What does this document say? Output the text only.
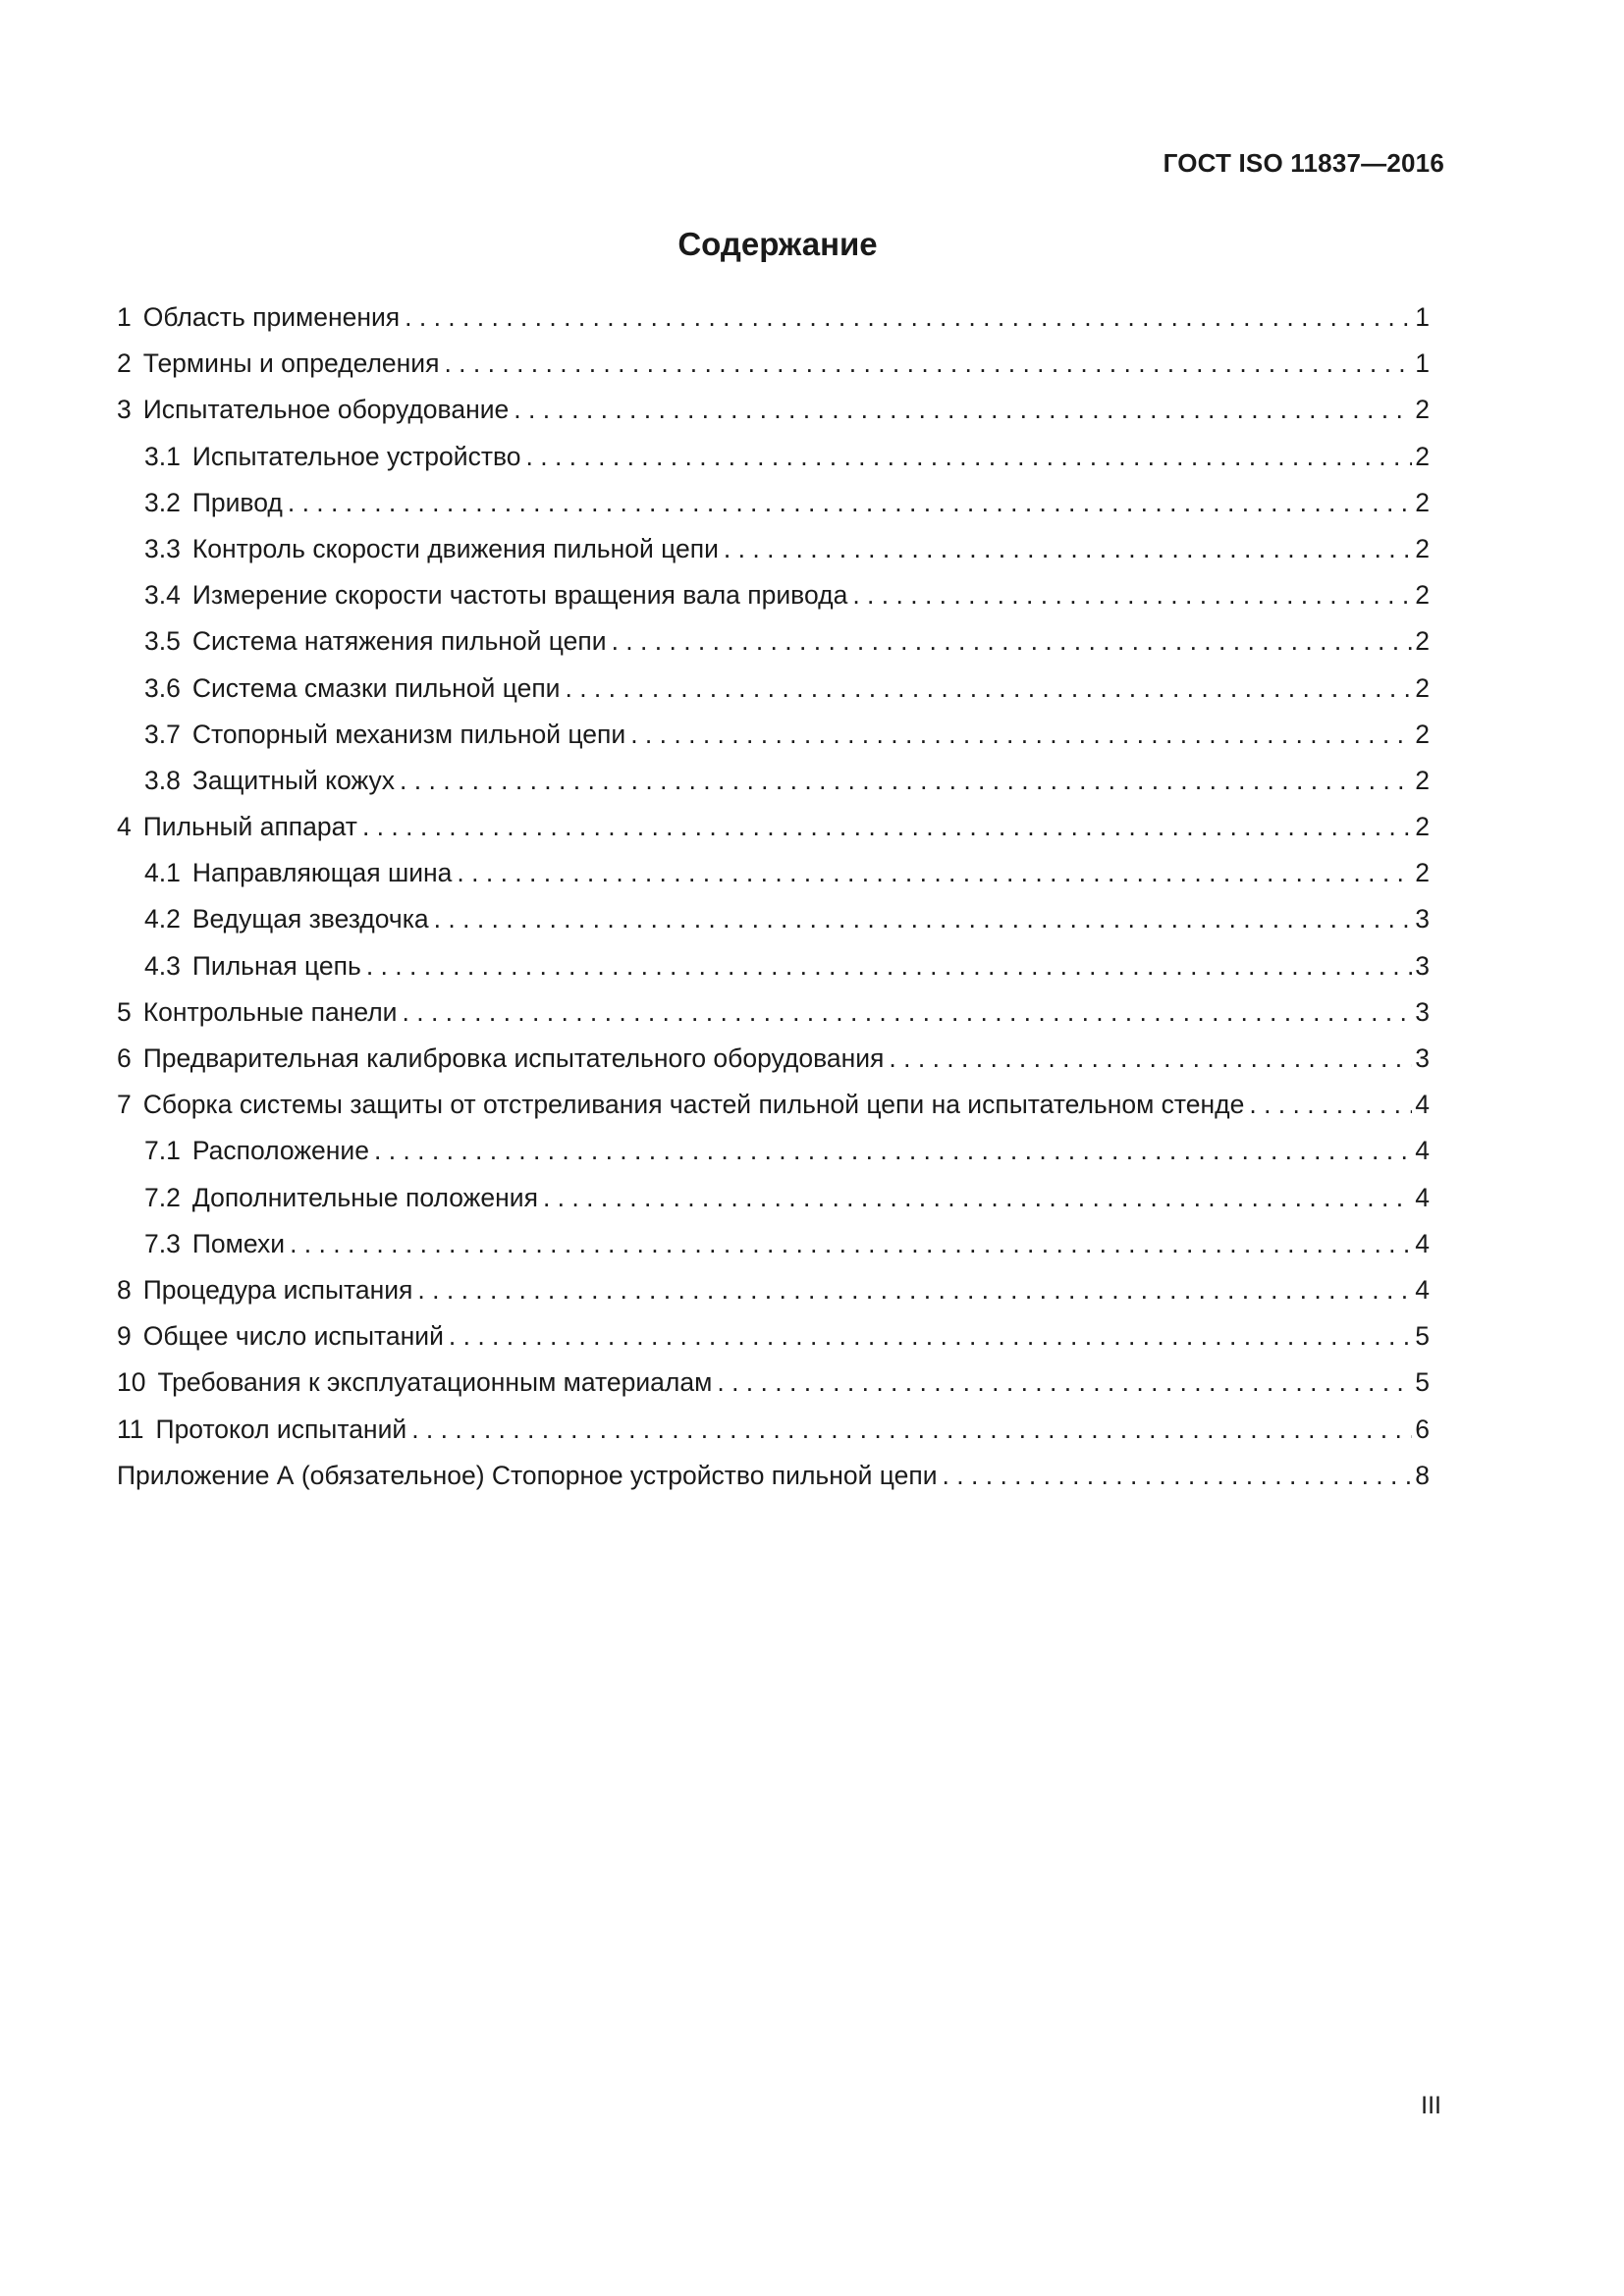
ГОСТ ISO 11837—2016
Содержание
1 Область применения . . .	1
2 Термины и определения . . .	1
3 Испытательное оборудование . . .	2
3.1 Испытательное устройство . . .	2
3.2 Привод . . .	2
3.3 Контроль скорости движения пильной цепи . . .	2
3.4 Измерение скорости частоты вращения вала привода . . .	2
3.5 Система натяжения пильной цепи . . .	2
3.6 Система смазки пильной цепи . . .	2
3.7 Стопорный механизм пильной цепи . . .	2
3.8 Защитный кожух . . .	2
4 Пильный аппарат . . .	2
4.1 Направляющая шина . . .	2
4.2 Ведущая звездочка . . .	3
4.3 Пильная цепь . . .	3
5 Контрольные панели . . .	3
6 Предварительная калибровка испытательного оборудования . . .	3
7 Сборка системы защиты от отстреливания частей пильной цепи на испытательном стенде . . .	4
7.1 Расположение . . .	4
7.2 Дополнительные положения . . .	4
7.3 Помехи . . .	4
8 Процедура испытания . . .	4
9 Общее число испытаний . . .	5
10 Требования к эксплуатационным материалам . . .	5
11 Протокол испытаний . . .	6
Приложение А (обязательное) Стопорное устройство пильной цепи . . .	8
III
